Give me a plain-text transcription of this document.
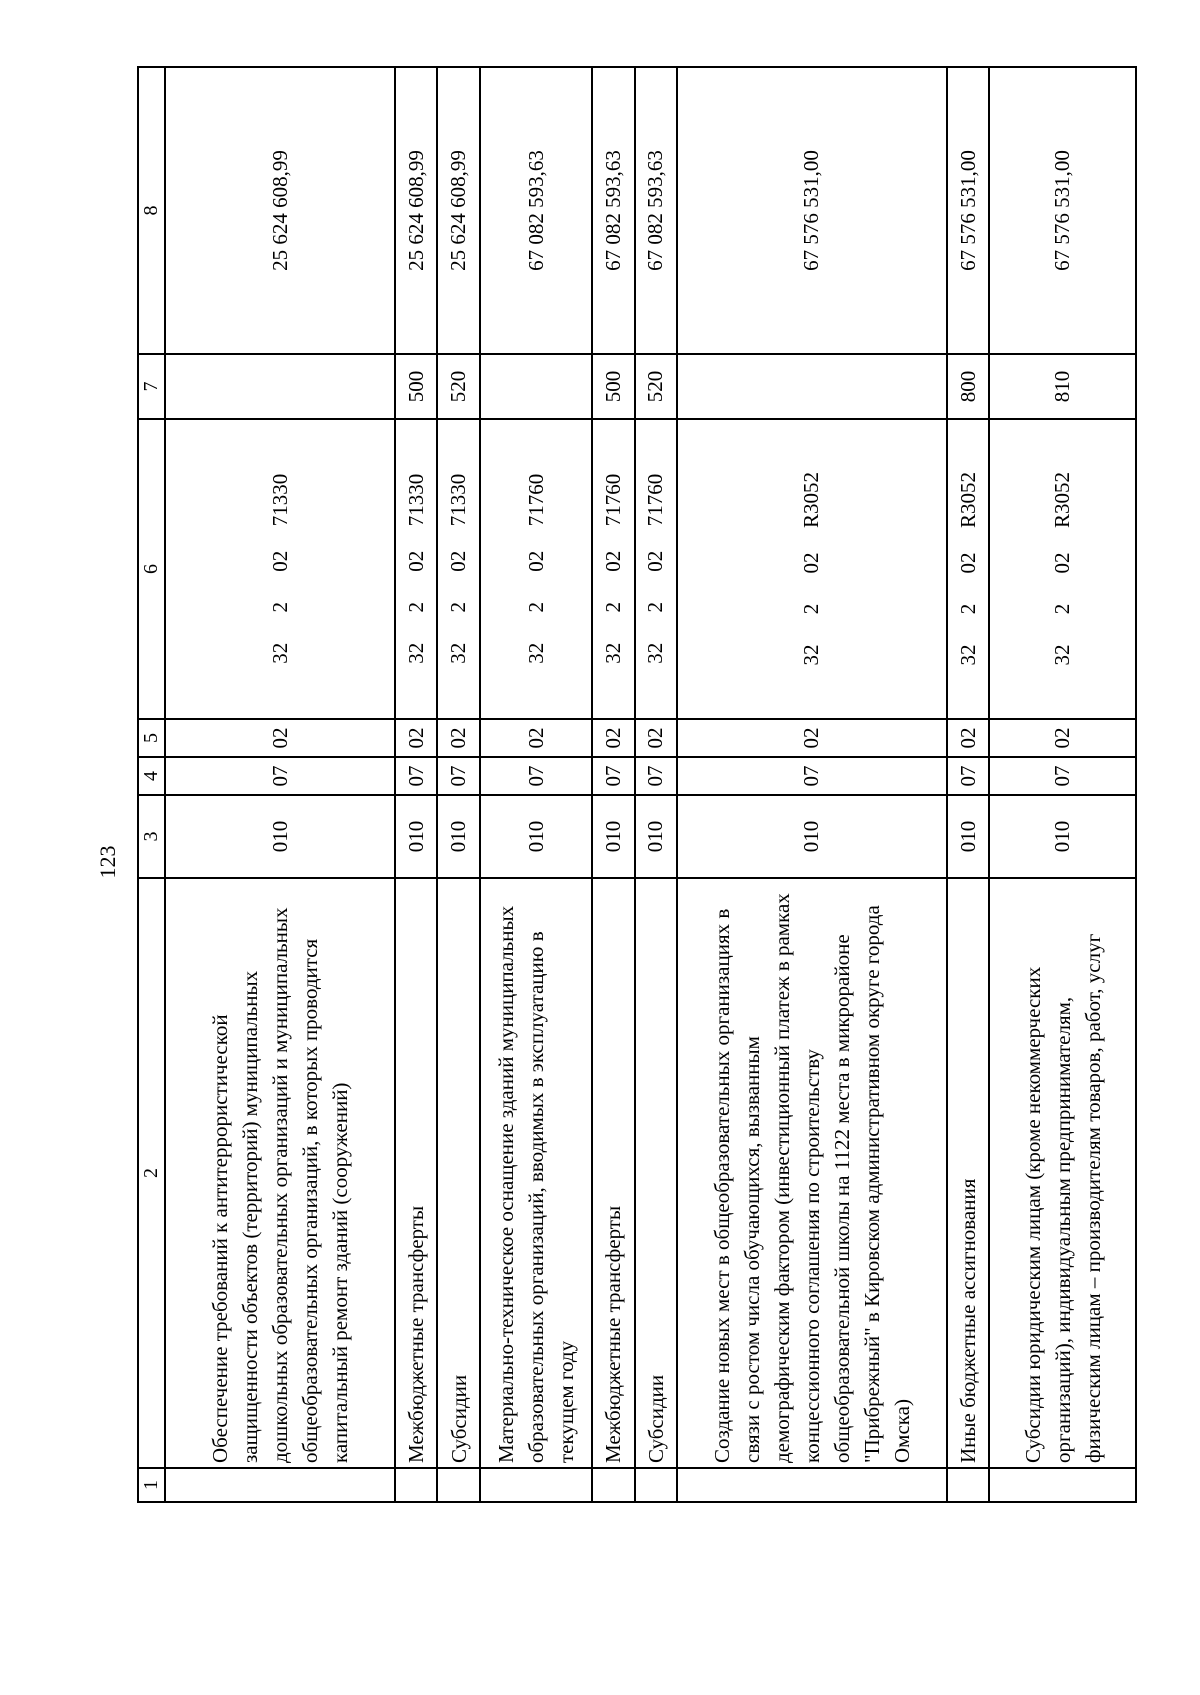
123
1	2	3	4	5	6	7	8
	Обеспечение требований к антитеррористической защищенности объектов (территорий) муниципальных дошкольных образовательных организаций и муниципальных общеобразовательных организаций, в которых проводится капитальный ремонт зданий (сооружений)	010	07	02	3220271330		25 624 608,99
	Межбюджетные трансферты	010	07	02	3220271330	500	25 624 608,99
	Субсидии	010	07	02	3220271330	520	25 624 608,99
	Материально-техническое оснащение зданий муниципальных образовательных организаций, вводимых в эксплуатацию в текущем году	010	07	02	3220271760		67 082 593,63
	Межбюджетные трансферты	010	07	02	3220271760	500	67 082 593,63
	Субсидии	010	07	02	3220271760	520	67 082 593,63
	Создание новых мест в общеобразовательных организациях в связи с ростом числа обучающихся, вызванным демографическим фактором (инвестиционный платеж в рамках концессионного соглашения по строительству общеобразовательной школы на 1122 места в микрорайоне "Прибрежный" в Кировском административном округе города Омска)	010	07	02	32202R3052		67 576 531,00
	Иные бюджетные ассигнования	010	07	02	32202R3052	800	67 576 531,00
	Субсидии юридическим лицам (кроме некоммерческих организаций), индивидуальным предпринимателям, физическим лицам – производителям товаров, работ, услуг	010	07	02	32202R3052	810	67 576 531,00
